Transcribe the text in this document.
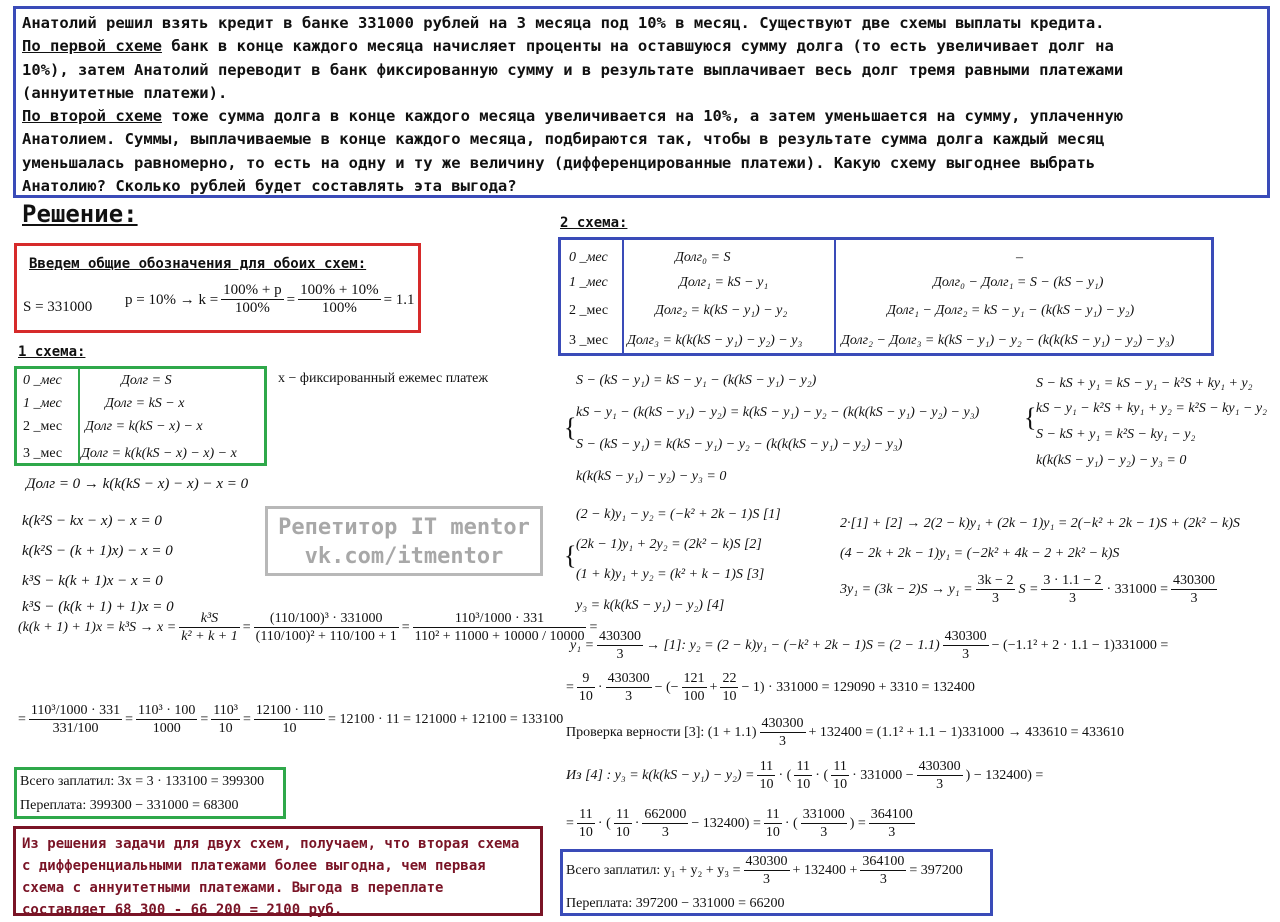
Анатолий решил взять кредит в банке 331000 рублей на 3 месяца под 10% в месяц. Существуют две схемы выплаты кредита.
По первой схеме банк в конце каждого месяца начисляет проценты на оставшуюся сумму долга (то есть увеличивает долг на
10%), затем Анатолий переводит в банк фиксированную сумму и в результате выплачивает весь долг тремя равными платежами
(аннуитетные платежи).
По второй схеме тоже сумма долга в конце каждого месяца увеличивается на 10%, а затем уменьшается на сумму, уплаченную
Анатолием. Суммы, выплачиваемые в конце каждого месяца, подбираются так, чтобы в результате сумма долга каждый месяц
уменьшалась равномерно, то есть на одну и ту же величину (дифференцированные платежи). Какую схему выгоднее выбрать
Анатолию? Сколько рублей будет составлять эта выгода?
Решение:
Введем общие обозначения для обоих схем:
S = 331000 $p = 10\% \to k = \frac{100\% + p}{100\%} = \frac{100\% + 10\%}{100\%} = 1.1$
1 схема:
0 _мес	Долг = S
1 _мес	Долг = kS − x
2 _мес Долг = k(kS − x) − x
3 _мес Долг = k(k(kS − x) − x) − x
x − фиксированный ежемес платеж
Долг = 0 → k(k(kS − x) − x) − x = 0
k(k²S − kx − x) − x = 0
k(k²S − (k + 1)x) − x = 0
k³S − k(k + 1)x − x = 0
k³S − (k(k + 1) + 1)x = 0
$(k(k + 1) + 1)x = k^3S \to x = \frac{\text{k³S}}{\text{k² + k + 1}} = \frac{\text{(110/100)³ · 331000}}{\text{(110/100)² + 110/100 + 1}} = \frac{\text{110³/1000 · 331}}{\text{110² + 11000 + 10000 / 10000}}$ =
= $\frac{\text{110³/1000 · 331}}{331/100} = \frac{\text{110³ · 100}}{1000} = \frac{\text{110³}}{10} = \frac{12100 \cdot 110}{10} = 12100 \cdot 11 = 121000 + 12100 = 133100$
Всего заплатил: 3x = 3 · 133100 = 399300
Переплата: 399300 − 331000 = 68300
Репетитор IT mentor
vk.com/itmentor
Из решения задачи для двух схем, получаем, что вторая схема с дифференциальными платежами более выгодна, чем первая схема с аннуитетными платежами. Выгода в переплате составляет 68 300 - 66 200 = 2100 руб.
2 схема:
0 _мес	Долг₀ = S	–
1 _мес	Долг₁ = kS − y₁	Долг₀ − Долг₁ = S − (kS − y₁)
2 _мес	Долг₂ = k(kS − y₁) − y₂	Долг₁ − Долг₂ = kS − y₁ − (k(kS − y₁) − y₂)
3 _мес Долг₃ = k(k(kS − y₁) − y₂) − y₃	Долг₂ − Долг₃ = k(kS − y₁) − y₂ − (k(k(kS − y₁) − y₂) − y₃)
{
S − (kS − y₁) = kS − y₁ − (k(kS − y₁) − y₂)
kS − y₁ − (k(kS − y₁) − y₂) = k(kS − y₁) − y₂ − (k(k(kS − y₁) − y₂) − y₃)
S − (kS − y₁) = k(kS − y₁) − y₂ − (k(k(kS − y₁) − y₂) − y₃)
k(k(kS − y₁) − y₂) − y₃ = 0
{
S − kS + y₁ = kS − y₁ − k²S + ky₁ + y₂
kS − y₁ − k²S + ky₁ + y₂ = k²S − ky₁ − y₂
S − kS + y₁ = k²S − ky₁ − y₂
k(k(kS − y₁) − y₂) − y₃ = 0
{
(2 − k)y₁ − y₂ = (−k² + 2k − 1)S [1]
(2k − 1)y₁ + 2y₂ = (2k² − k)S [2]
(1 + k)y₁ + y₂ = (k² + k − 1)S [3]
y₃ = k(k(kS − y₁) − y₂) [4]
2·[1] + [2] → 2(2 − k)y₁ + (2k − 1)y₁ = 2(−k² + 2k − 1)S + (2k² − k)S
(4 − 2k + 2k − 1)y₁ = (−2k² + 4k − 2 + 2k² − k)S
$3y_1 = (3k - 2)S \to y_1 = \frac{3k - 2}{3}$ $S = \frac{3 \cdot 1.1 - 2}{3} \cdot 331000 = \frac{430300}{3}$
$y_1 = \frac{430300}{3} \to [1]$: $y_2 = (2 - k)y_1 - (-k^2 + 2k - 1)S = (2 - 1.1) \frac{430300}{3} - (-1.1^2 + 2 \cdot 1.1 - 1)331000$ =
= $\frac{9}{10} \cdot \frac{430300}{3}$ − (− $\frac{121}{100} + \frac{22}{10} - 1) \cdot 331000 = 129090 + 3310 = 132400$
Проверка верности [3]: $(1 + 1.1) \frac{430300}{3} + 132400 = (1.1^2 + 1.1 - 1)331000 \to 433610 = 433610$
Из [4] : $y_3 = k(k(kS - y_1) - y_2) = \frac{11}{10}$ · ( $\frac{11}{10}$ · ( $\frac{11}{10} \cdot 331000 - \frac{430300}{3}$ ) − 132400) =
= $\frac{11}{10}$ · ( $\frac{11}{10} \cdot \frac{662000}{3} - 132400) = \frac{11}{10}$ · ( $\frac{331000}{3}$ ) = $\frac{364100}{3}$
Всего заплатил: $y_1 + y_2 + y_3 = \frac{430300}{3} + 132400 + \frac{364100}{3} = 397200$
Переплата: 397200 − 331000 = 66200
